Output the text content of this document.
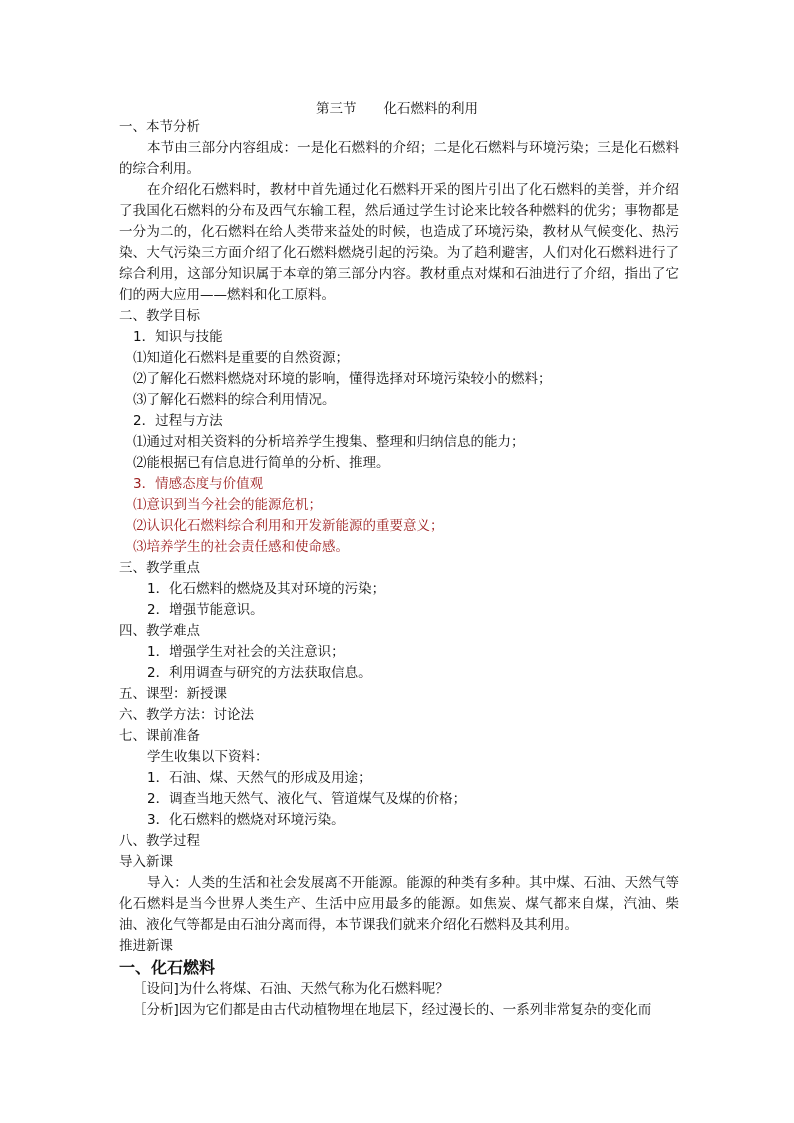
第三节　　化石燃料的利用
一、本节分析
本节由三部分内容组成：一是化石燃料的介绍；二是化石燃料与环境污染；三是化石燃料的综合利用。
在介绍化石燃料时，教材中首先通过化石燃料开采的图片引出了化石燃料的美誉，并介绍了我国化石燃料的分布及西气东输工程，然后通过学生讨论来比较各种燃料的优劣；事物都是一分为二的，化石燃料在给人类带来益处的时候，也造成了环境污染，教材从气候变化、热污染、大气污染三方面介绍了化石燃料燃烧引起的污染。为了趋利避害，人们对化石燃料进行了综合利用，这部分知识属于本章的第三部分内容。教材重点对煤和石油进行了介绍，指出了它们的两大应用——燃料和化工原料。
二、教学目标
1．知识与技能
⑴知道化石燃料是重要的自然资源；
⑵了解化石燃料燃烧对环境的影响，懂得选择对环境污染较小的燃料；
⑶了解化石燃料的综合利用情况。
2．过程与方法
⑴通过对相关资料的分析培养学生搜集、整理和归纳信息的能力；
⑵能根据已有信息进行简单的分析、推理。
3．情感态度与价值观
⑴意识到当今社会的能源危机；
⑵认识化石燃料综合利用和开发新能源的重要意义；
⑶培养学生的社会责任感和使命感。
三、教学重点
1．化石燃料的燃烧及其对环境的污染；
2．增强节能意识。
四、教学难点
1．增强学生对社会的关注意识；
2．利用调查与研究的方法获取信息。
五、课型：新授课
六、教学方法：讨论法
七、课前准备
学生收集以下资料：
1．石油、煤、天然气的形成及用途；
2．调查当地天然气、液化气、管道煤气及煤的价格；
3．化石燃料的燃烧对环境污染。
八、教学过程
导入新课
导入：人类的生活和社会发展离不开能源。能源的种类有多种。其中煤、石油、天然气等化石燃料是当今世界人类生产、生活中应用最多的能源。如焦炭、煤气都来自煤，汽油、柴油、液化气等都是由石油分离而得，本节课我们就来介绍化石燃料及其利用。
推进新课
一、化石燃料
［设问]为什么将煤、石油、天然气称为化石燃料呢？
［分析]因为它们都是由古代动植物埋在地层下，经过漫长的、一系列非常复杂的变化而
